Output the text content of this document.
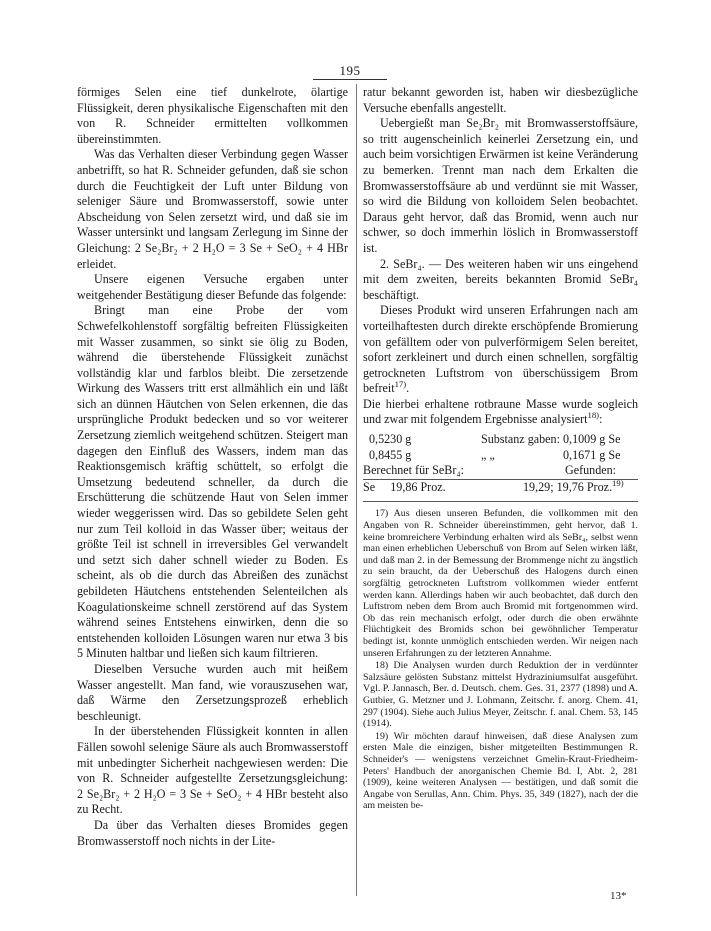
195

förmiges Selen eine tief dunkelrote, ölartige Flüssigkeit, deren physikalische Eigenschaften mit den von R. Schneider ermittelten vollkommen übereinstimmten.

Was das Verhalten dieser Verbindung gegen Wasser anbetrifft, so hat R. Schneider gefunden, daß sie schon durch die Feuchtigkeit der Luft unter Bildung von seleniger Säure und Bromwasserstoff, sowie unter Abscheidung von Selen zersetzt wird, und daß sie im Wasser untersinkt und langsam Zerlegung im Sinne der Gleichung: 2 Se₂Br₂ + 2 H₂O = 3 Se + SeO₂ + 4 HBr erleidet.

Unsere eigenen Versuche ergaben unter weitgehender Bestätigung dieser Befunde das folgende:

Bringt man eine Probe der vom Schwefelkohlenstoff sorgfältig befreiten Flüssigkeiten mit Wasser zusammen, so sinkt sie ölig zu Boden, während die überstehende Flüssigkeit zunächst vollständig klar und farblos bleibt. Die zersetzende Wirkung des Wassers tritt erst allmählich ein und läßt sich an dünnen Häutchen von Selen erkennen, die das ursprüngliche Produkt bedecken und so vor weiterer Zersetzung ziemlich weitgehend schützen. Steigert man dagegen den Einfluß des Wassers, indem man das Reaktionsgemisch kräftig schüttelt, so erfolgt die Umsetzung bedeutend schneller, da durch die Erschütterung die schützende Haut von Selen immer wieder weggerissen wird. Das so gebildete Selen geht nur zum Teil kolloid in das Wasser über; weitaus der größte Teil ist schnell in irreversibles Gel verwandelt und setzt sich daher schnell wieder zu Boden. Es scheint, als ob die durch das Abreißen des zunächst gebildeten Häutchens entstehenden Selenteilchen als Koagulationskeime schnell zerstörend auf das System während seines Entstehens einwirken, denn die so entstehenden kolloiden Lösungen waren nur etwa 3 bis 5 Minuten haltbar und ließen sich kaum filtrieren.

Dieselben Versuche wurden auch mit heißem Wasser angestellt. Man fand, wie vorauszusehen war, daß Wärme den Zersetzungsprozeß erheblich beschleunigt.

In der überstehenden Flüssigkeit konnten in allen Fällen sowohl selenige Säure als auch Bromwasserstoff mit unbedingter Sicherheit nachgewiesen werden: Die von R. Schneider aufgestellte Zersetzungsgleichung: 2 Se₂Br₂ + 2 H₂O = 3 Se + SeO₂ + 4 HBr besteht also zu Recht.

Da über das Verhalten dieses Bromides gegen Bromwasserstoff noch nichts in der Lite-

ratur bekannt geworden ist, haben wir diesbezügliche Versuche ebenfalls angestellt.

Uebergießt man Se₂Br₂ mit Bromwasserstoffsäure, so tritt augenscheinlich keinerlei Zersetzung ein, und auch beim vorsichtigen Erwärmen ist keine Veränderung zu bemerken. Trennt man nach dem Erkalten die Bromwasserstoffsäure ab und verdünnt sie mit Wasser, so wird die Bildung von kolloidem Selen beobachtet. Daraus geht hervor, daß das Bromid, wenn auch nur schwer, so doch immerhin löslich in Bromwasserstoff ist.

2. SeBr₄. — Des weiteren haben wir uns eingehend mit dem zweiten, bereits bekannten Bromid SeBr₄ beschäftigt.

Dieses Produkt wird unseren Erfahrungen nach am vorteilhaftesten durch direkte erschöpfende Bromierung von gefälltem oder von pulverförmigem Selen bereitet, sofort zerkleinert und durch einen schnellen, sorgfältig getrockneten Luftstrom von überschüssigem Brom befreit$^{17)}$.

Die hierbei erhaltene rotbraune Masse wurde sogleich und zwar mit folgendem Ergebnisse analysiert$^{18)}$:

0,5230 g	Substanz gaben: 0,1009 g Se
0,8455 g	„ „	0,1671 g Se
Berechnet für SeBr₄:	Gefunden:
Se 19,86 Proz.	19,29; 19,76 Proz.$^{19)}$

17) Aus diesen unseren Befunden, die vollkommen mit den Angaben von R. Schneider übereinstimmen, geht hervor, daß 1. keine bromreichere Verbindung erhalten wird als SeBr₄, selbst wenn man einen erheblichen Ueberschuß von Brom auf Selen wirken läßt, und daß man 2. in der Bemessung der Brommenge nicht zu ängstlich zu sein braucht, da der Ueberschuß des Halogens durch einen sorgfältig getrockneten Luftstrom vollkommen wieder entfernt werden kann. Allerdings haben wir auch beobachtet, daß durch den Luftstrom neben dem Brom auch Bromid mit fortgenommen wird. Ob das rein mechanisch erfolgt, oder durch die oben erwähnte Flüchtigkeit des Bromids schon bei gewöhnlicher Temperatur bedingt ist, konnte unmöglich entschieden werden. Wir neigen nach unseren Erfahrungen zu der letzteren Annahme.

18) Die Analysen wurden durch Reduktion der in verdünnter Salzsäure gelösten Substanz mittelst Hydraziniumsulfat ausgeführt. Vgl. P. Jannasch, Ber. d. Deutsch. chem. Ges. 31, 2377 (1898) und A. Gutbier, G. Metzner und J. Lohmann, Zeitschr. f. anorg. Chem. 41, 297 (1904). Siehe auch Julius Meyer, Zeitschr. f. anal. Chem. 53, 145 (1914).

19) Wir möchten darauf hinweisen, daß diese Analysen zum ersten Male die einzigen, bisher mitgeteilten Bestimmungen R. Schneider's — wenigstens verzeichnet Gmelin-Kraut-Friedheim-Peters' Handbuch der anorganischen Chemie Bd. I, Abt. 2, 281 (1909), keine weiteren Analysen — bestätigen, und daß somit die Angabe von Serullas, Ann. Chim. Phys. 35, 349 (1827), nach der die am meisten be-

13*
